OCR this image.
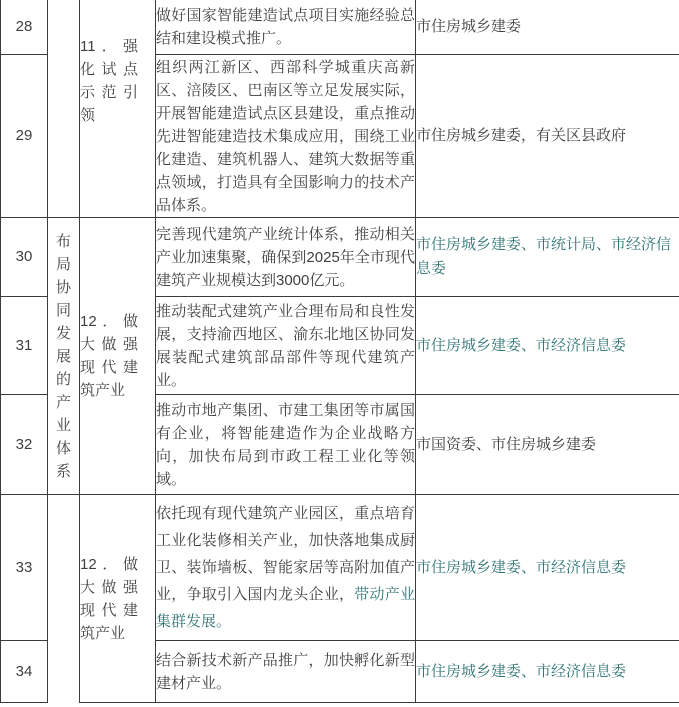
28		11．强化试点示范引领	做好国家智能建造试点项目实施经验总结和建设模式推广。	市住房城乡建委
29			组织两江新区、西部科学城重庆高新区、涪陵区、巴南区等立足发展实际，开展智能建造试点区县建设，重点推动先进智能建造技术集成应用，围绕工业化建造、建筑机器人、建筑大数据等重点领域，打造具有全国影响力的技术产品体系。	市住房城乡建委，有关区县政府
30	布局协同发展的产业体系	12．做大做强现代建筑产业	完善现代建筑产业统计体系，推动相关产业加速集聚，确保到2025年全市现代建筑产业规模达到3000亿元。	市住房城乡建委、市统计局、市经济信息委
31			推动装配式建筑产业合理布局和良性发展，支持渝西地区、渝东北地区协同发展装配式建筑部品部件等现代建筑产业。	市住房城乡建委、市经济信息委
32			推动市地产集团、市建工集团等市属国有企业，将智能建造作为企业战略方向，加快布局到市政工程工业化等领域。	市国资委、市住房城乡建委
33		12．做大做强现代建筑产业	依托现有现代建筑产业园区，重点培育工业化装修相关产业，加快落地集成厨卫、装饰墙板、智能家居等高附加值产业，争取引入国内龙头企业，带动产业集群发展。	市住房城乡建委、市经济信息委
34			结合新技术新产品推广，加快孵化新型建材产业。	市住房城乡建委、市经济信息委
